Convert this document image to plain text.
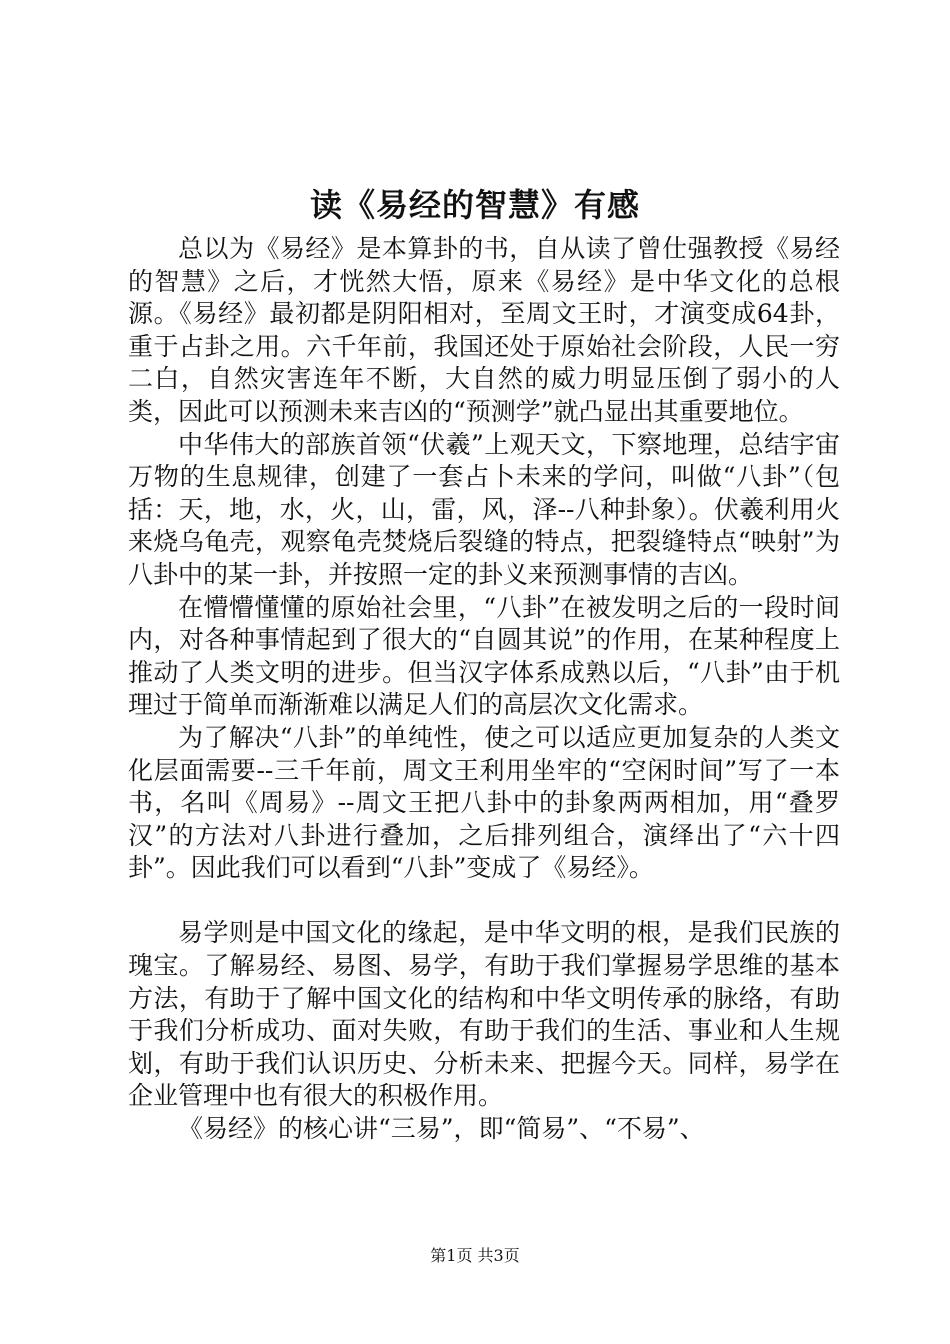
读《易经的智慧》有感

总以为《易经》是本算卦的书，自从读了曾仕强教授《易经的智慧》之后，才恍然大悟，原来《易经》是中华文化的总根源。《易经》最初都是阴阳相对，至周文王时，才演变成64卦，重于占卦之用。六千年前，我国还处于原始社会阶段，人民一穷二白，自然灾害连年不断，大自然的威力明显压倒了弱小的人类，因此可以预测未来吉凶的“预测学”就凸显出其重要地位。

中华伟大的部族首领“伏羲”上观天文，下察地理，总结宇宙万物的生息规律，创建了一套占卜未来的学问，叫做“八卦”（包括：天，地，水，火，山，雷，风，泽--八种卦象）。伏羲利用火来烧乌龟壳，观察龟壳焚烧后裂缝的特点，把裂缝特点“映射”为八卦中的某一卦，并按照一定的卦义来预测事情的吉凶。

在懵懵懂懂的原始社会里，“八卦”在被发明之后的一段时间内，对各种事情起到了很大的“自圆其说”的作用，在某种程度上推动了人类文明的进步。但当汉字体系成熟以后，“八卦”由于机理过于简单而渐渐难以满足人们的高层次文化需求。

为了解决“八卦”的单纯性，使之可以适应更加复杂的人类文化层面需要--三千年前，周文王利用坐牢的“空闲时间”写了一本书，名叫《周易》--周文王把八卦中的卦象两两相加，用“叠罗汉”的方法对八卦进行叠加，之后排列组合，演绎出了“六十四卦”。因此我们可以看到“八卦”变成了《易经》。

易学则是中国文化的缘起，是中华文明的根，是我们民族的瑰宝。了解易经、易图、易学，有助于我们掌握易学思维的基本方法，有助于了解中国文化的结构和中华文明传承的脉络，有助于我们分析成功、面对失败，有助于我们的生活、事业和人生规划，有助于我们认识历史、分析未来、把握今天。同样，易学在企业管理中也有很大的积极作用。

《易经》的核心讲“三易”，即“简易”、“不易”、

第1页 共3页
